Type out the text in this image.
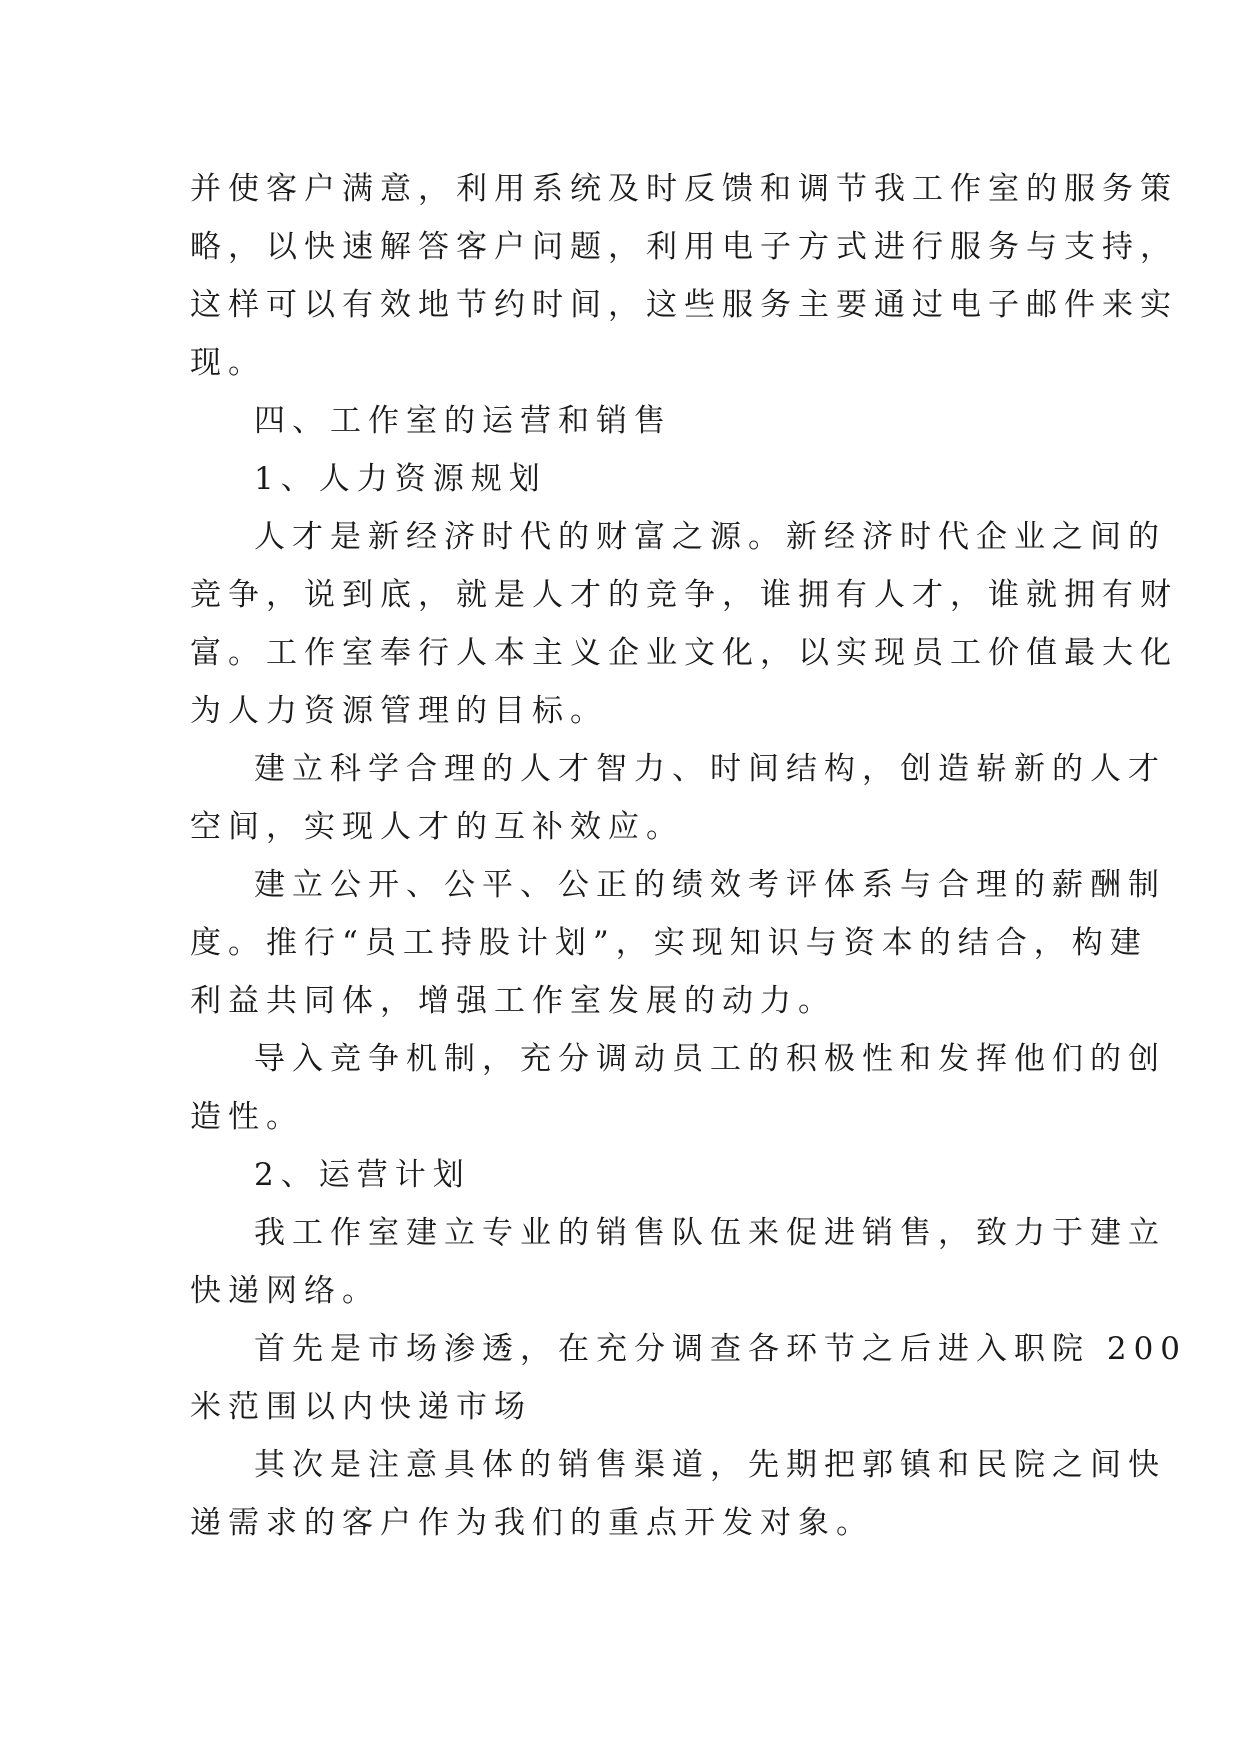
并使客户满意，利用系统及时反馈和调节我工作室的服务策
略，以快速解答客户问题，利用电子方式进行服务与支持，
这样可以有效地节约时间，这些服务主要通过电子邮件来实
现。
四、工作室的运营和销售
1、人力资源规划
人才是新经济时代的财富之源。新经济时代企业之间的
竞争，说到底，就是人才的竞争，谁拥有人才，谁就拥有财
富。工作室奉行人本主义企业文化，以实现员工价值最大化
为人力资源管理的目标。
建立科学合理的人才智力、时间结构，创造崭新的人才
空间，实现人才的互补效应。
建立公开、公平、公正的绩效考评体系与合理的薪酬制
度。推行“员工持股计划”，实现知识与资本的结合，构建
利益共同体，增强工作室发展的动力。
导入竞争机制，充分调动员工的积极性和发挥他们的创
造性。
2、运营计划
我工作室建立专业的销售队伍来促进销售，致力于建立
快递网络。
首先是市场渗透，在充分调查各环节之后进入职院 200
米范围以内快递市场
其次是注意具体的销售渠道，先期把郭镇和民院之间快
递需求的客户作为我们的重点开发对象。
